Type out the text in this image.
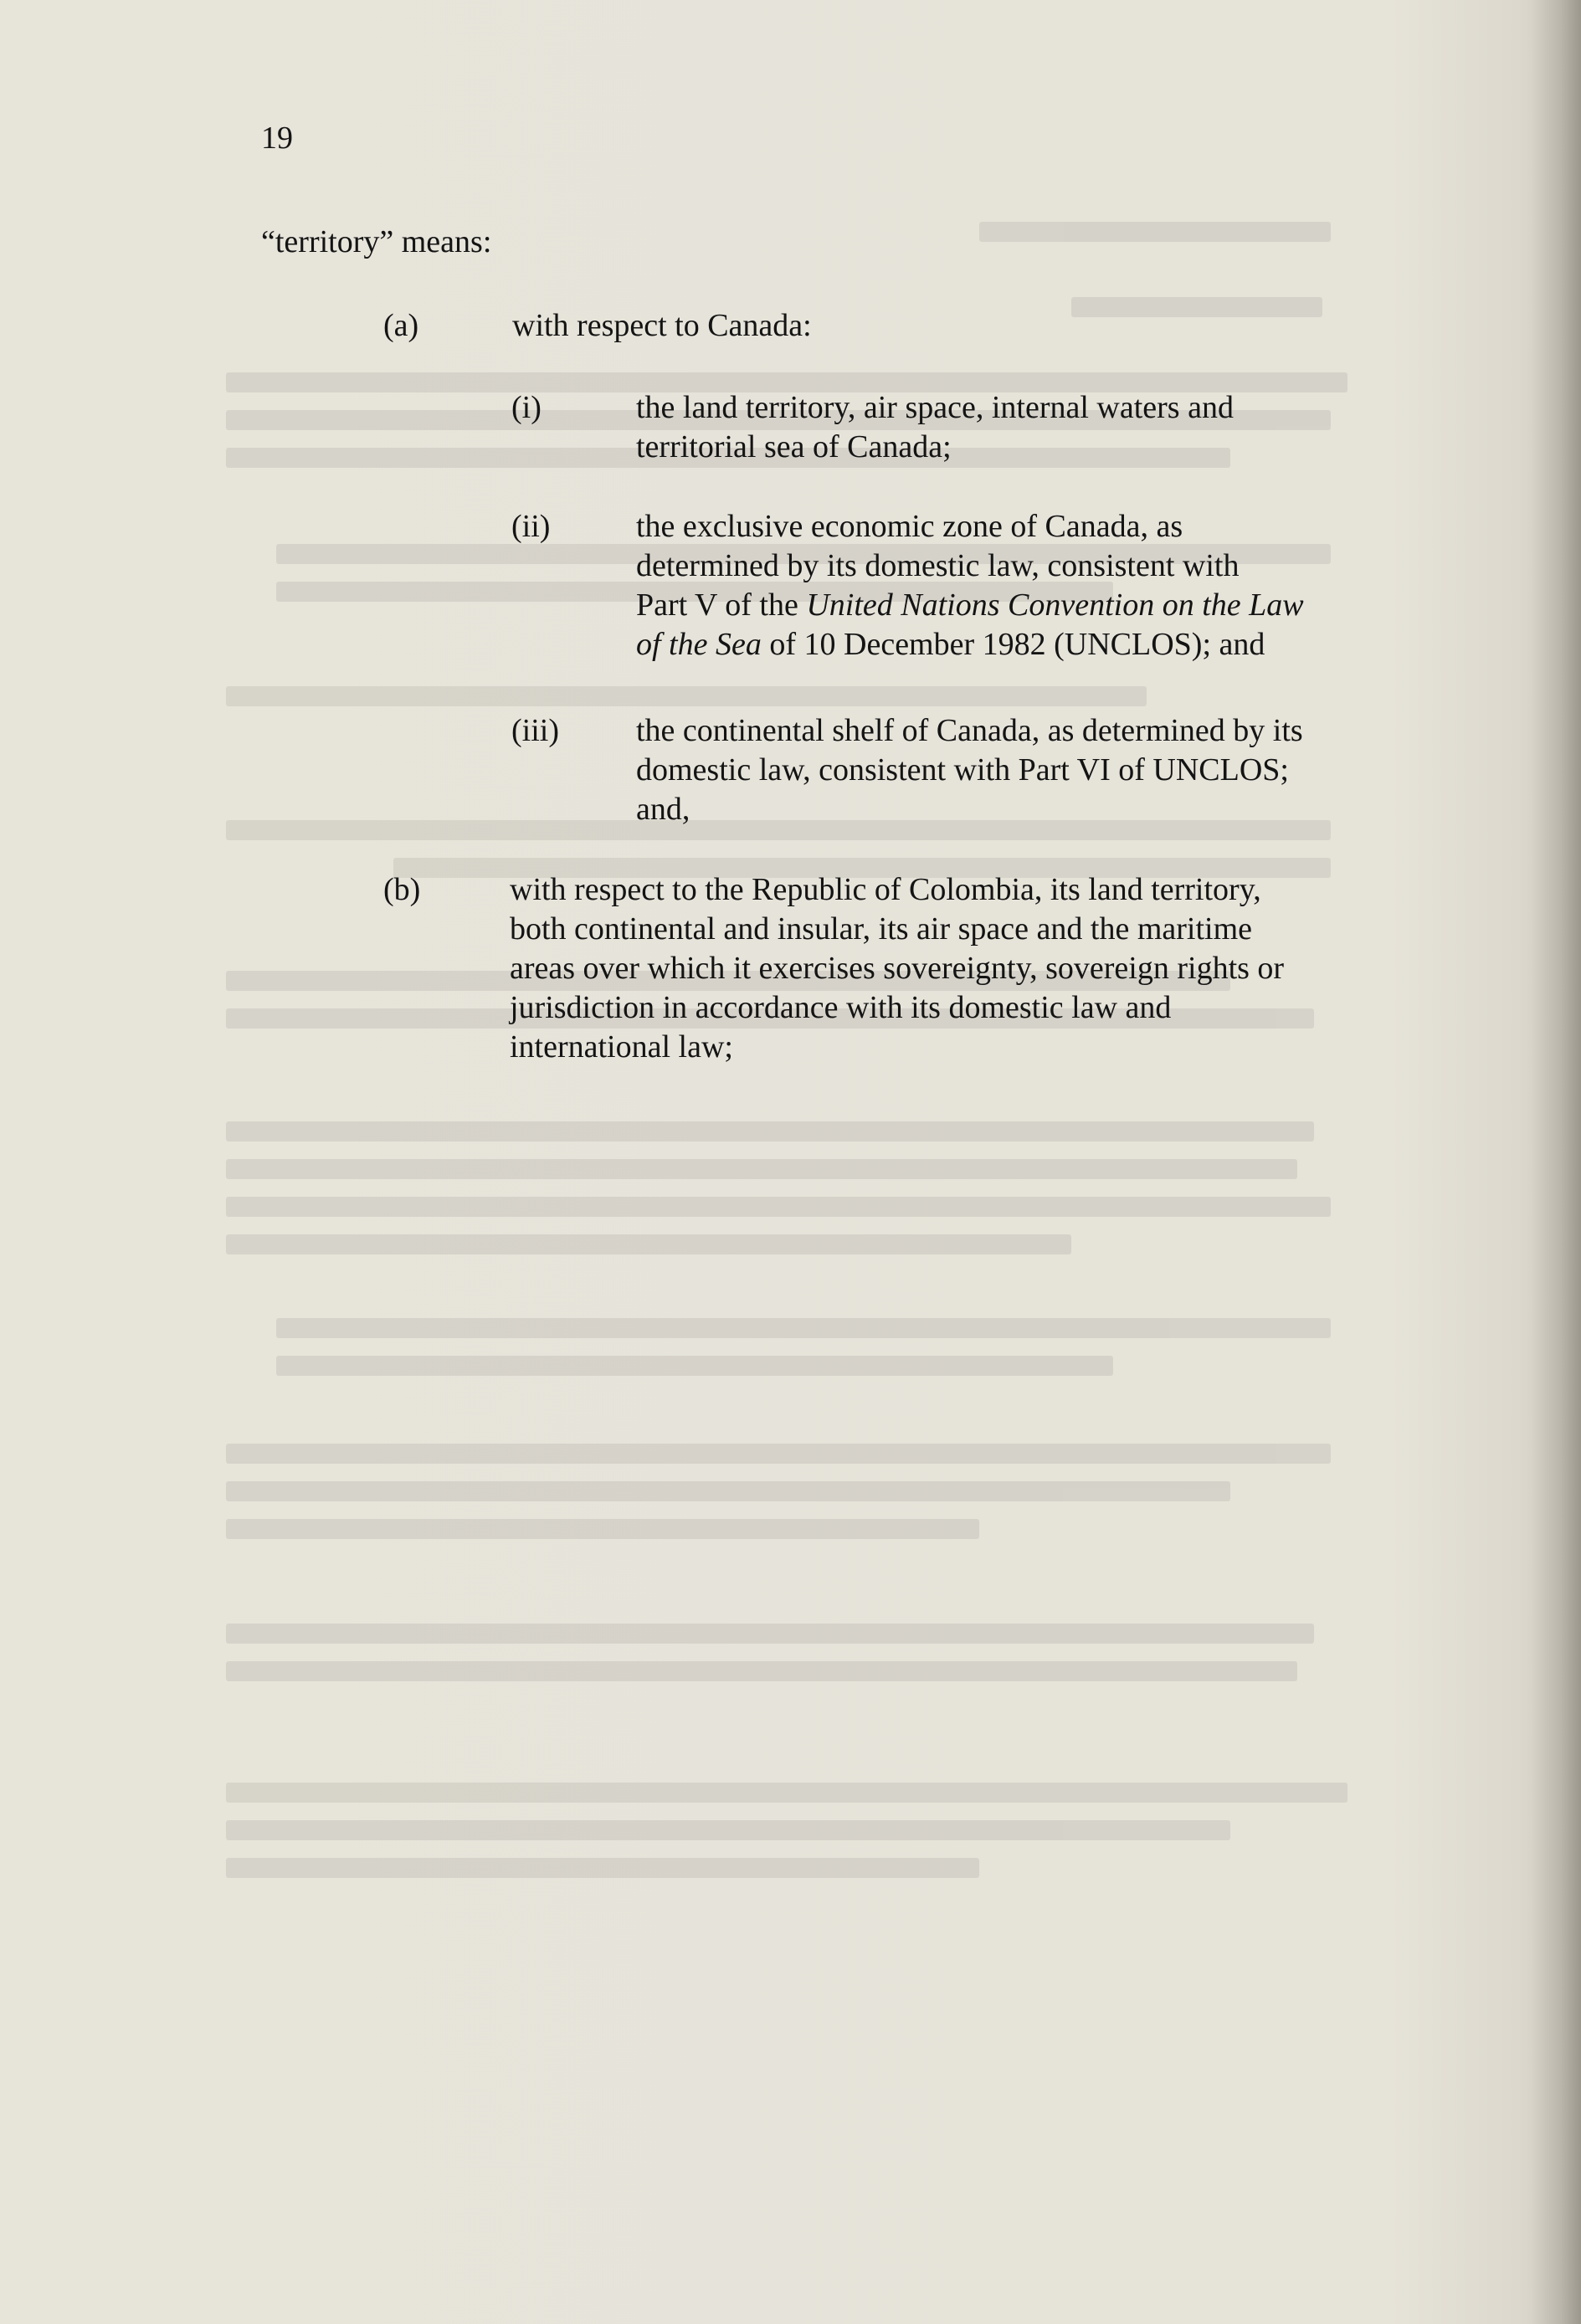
19
“territory” means:
(a)	with respect to Canada:
(i)	the land territory, air space, internal waters and
territorial sea of Canada;
(ii)	the exclusive economic zone of Canada, as
determined by its domestic law, consistent with
Part V of the United Nations Convention on the Law
of the Sea of 10 December 1982 (UNCLOS); and
(iii) the continental shelf of Canada, as determined by its
domestic law, consistent with Part VI of UNCLOS;
and,
(b)	with respect to the Republic of Colombia, its land territory,
both continental and insular, its air space and the maritime
areas over which it exercises sovereignty, sovereign rights or
jurisdiction in accordance with its domestic law and
international law;
